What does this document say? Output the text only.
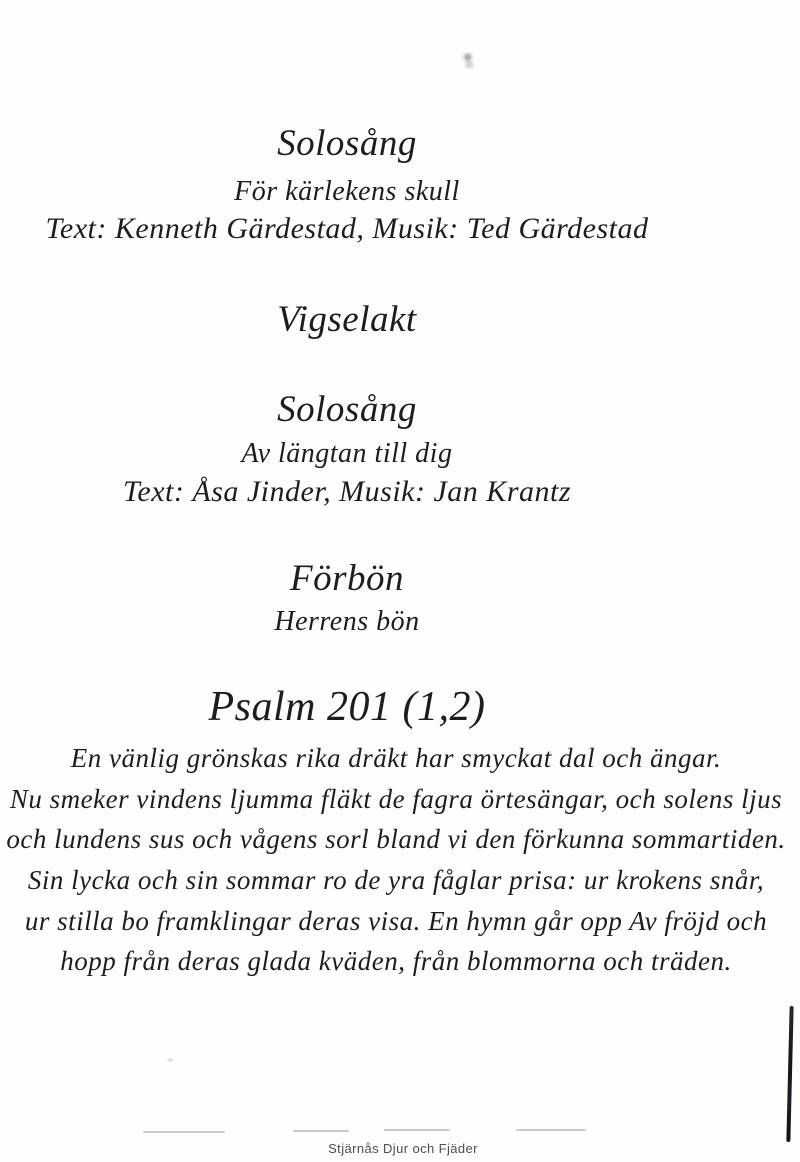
Solosång
För kärlekens skull
Text: Kenneth Gärdestad, Musik: Ted Gärdestad
Vigselakt
Solosång
Av längtan till dig
Text: Åsa Jinder, Musik: Jan Krantz
Förbön
Herrens bön
Psalm 201 (1,2)
En vänlig grönskas rika dräkt har smyckat dal och ängar.
Nu smeker vindens ljumma fläkt de fagra örtesängar, och solens ljus
och lundens sus och vågens sorl bland vi den förkunna sommartiden.
Sin lycka och sin sommar ro de yra fåglar prisa: ur krokens snår,
ur stilla bo framklingar deras visa. En hymn går opp Av fröjd och
hopp från deras glada kväden, från blommorna och träden.
Stjärnås Djur och Fjäder
